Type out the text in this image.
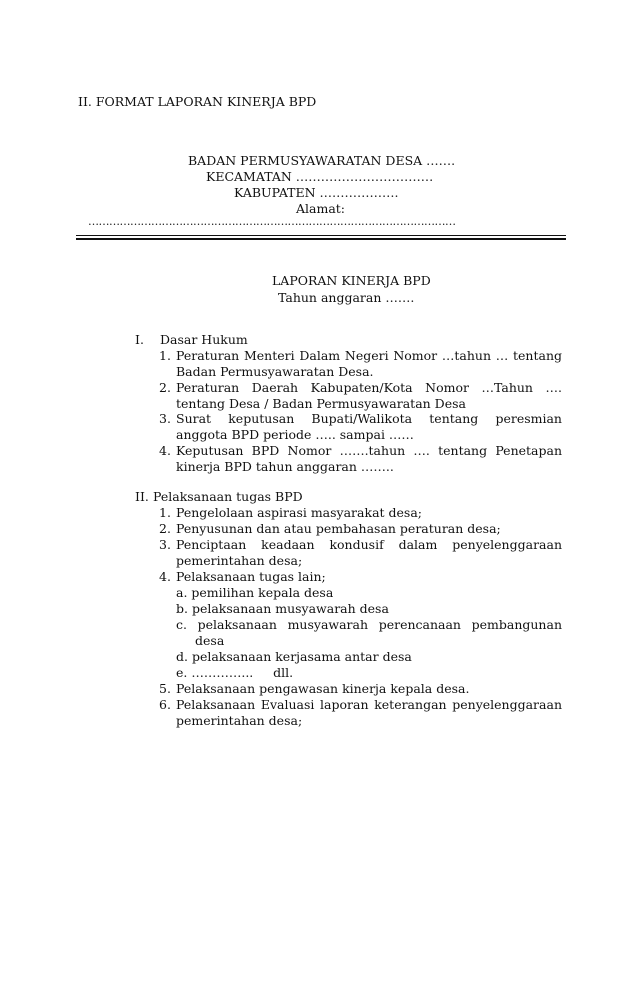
II. FORMAT LAPORAN KINERJA BPD
BADAN PERMUSYAWARATAN DESA …….
KECAMATAN ……………………………
KABUPATEN ……………….
Alamat:
……………………………………………………………………………………………
LAPORAN KINERJA BPD
Tahun anggaran …….
I. Dasar Hukum
1. Peraturan Menteri Dalam Negeri Nomor …tahun … tentang
Badan Permusyawaratan Desa.
2. Peraturan Daerah Kabupaten/Kota Nomor …Tahun ….
tentang Desa / Badan Permusyawaratan Desa
3. Surat keputusan Bupati/Walikota tentang peresmian
anggota BPD periode ….. sampai ……
4. Keputusan BPD Nomor …….tahun …. tentang Penetapan
kinerja BPD tahun anggaran ……..
II. Pelaksanaan tugas BPD
1. Pengelolaan aspirasi masyarakat desa;
2. Penyusunan dan atau pembahasan peraturan desa;
3. Penciptaan keadaan kondusif dalam penyelenggaraan
pemerintahan desa;
4. Pelaksanaan tugas lain;
a. pemilihan kepala desa
b. pelaksanaan musyawarah desa
c. pelaksanaan musyawarah perencanaan pembangunan
desa
d. pelaksanaan kerjasama antar desa
e. …………...     dll.
5. Pelaksanaan pengawasan kinerja kepala desa.
6. Pelaksanaan Evaluasi laporan keterangan penyelenggaraan
pemerintahan desa;
